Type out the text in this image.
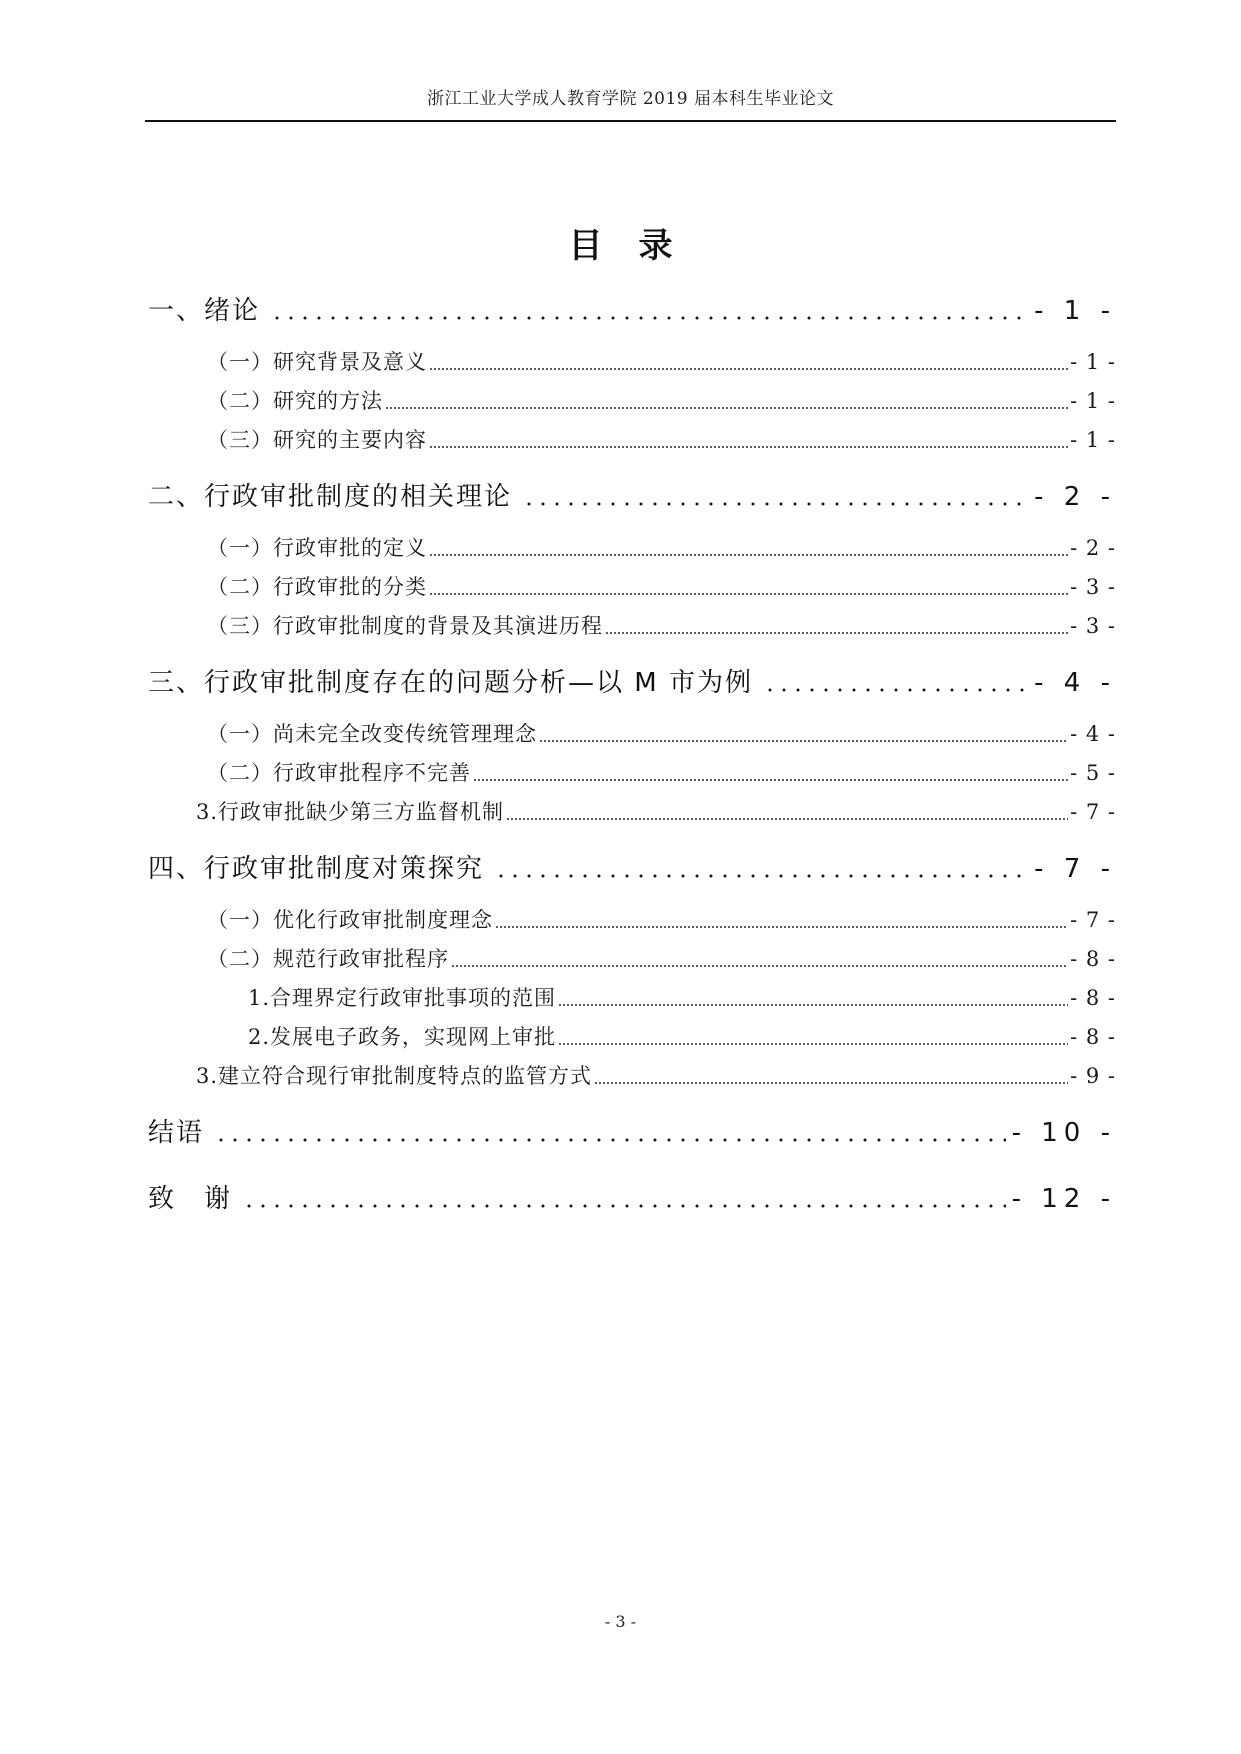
浙江工业大学成人教育学院 2019 届本科生毕业论文
目录
一、绪论	- 1 -
（一）研究背景及意义	- 1 -
（二）研究的方法	- 1 -
（三）研究的主要内容	- 1 -
二、行政审批制度的相关理论	- 2 -
（一）行政审批的定义	- 2 -
（二）行政审批的分类	- 3 -
（三）行政审批制度的背景及其演进历程	- 3 -
三、行政审批制度存在的问题分析—以 M 市为例	- 4 -
（一）尚未完全改变传统管理理念	- 4 -
（二）行政审批程序不完善	- 5 -
3.行政审批缺少第三方监督机制	- 7 -
四、行政审批制度对策探究	- 7 -
（一）优化行政审批制度理念	- 7 -
（二）规范行政审批程序	- 8 -
1.合理界定行政审批事项的范围	- 8 -
2.发展电子政务，实现网上审批	- 8 -
3.建立符合现行审批制度特点的监管方式	- 9 -
结语	- 10 -
致　谢	- 12 -
- 3 -
